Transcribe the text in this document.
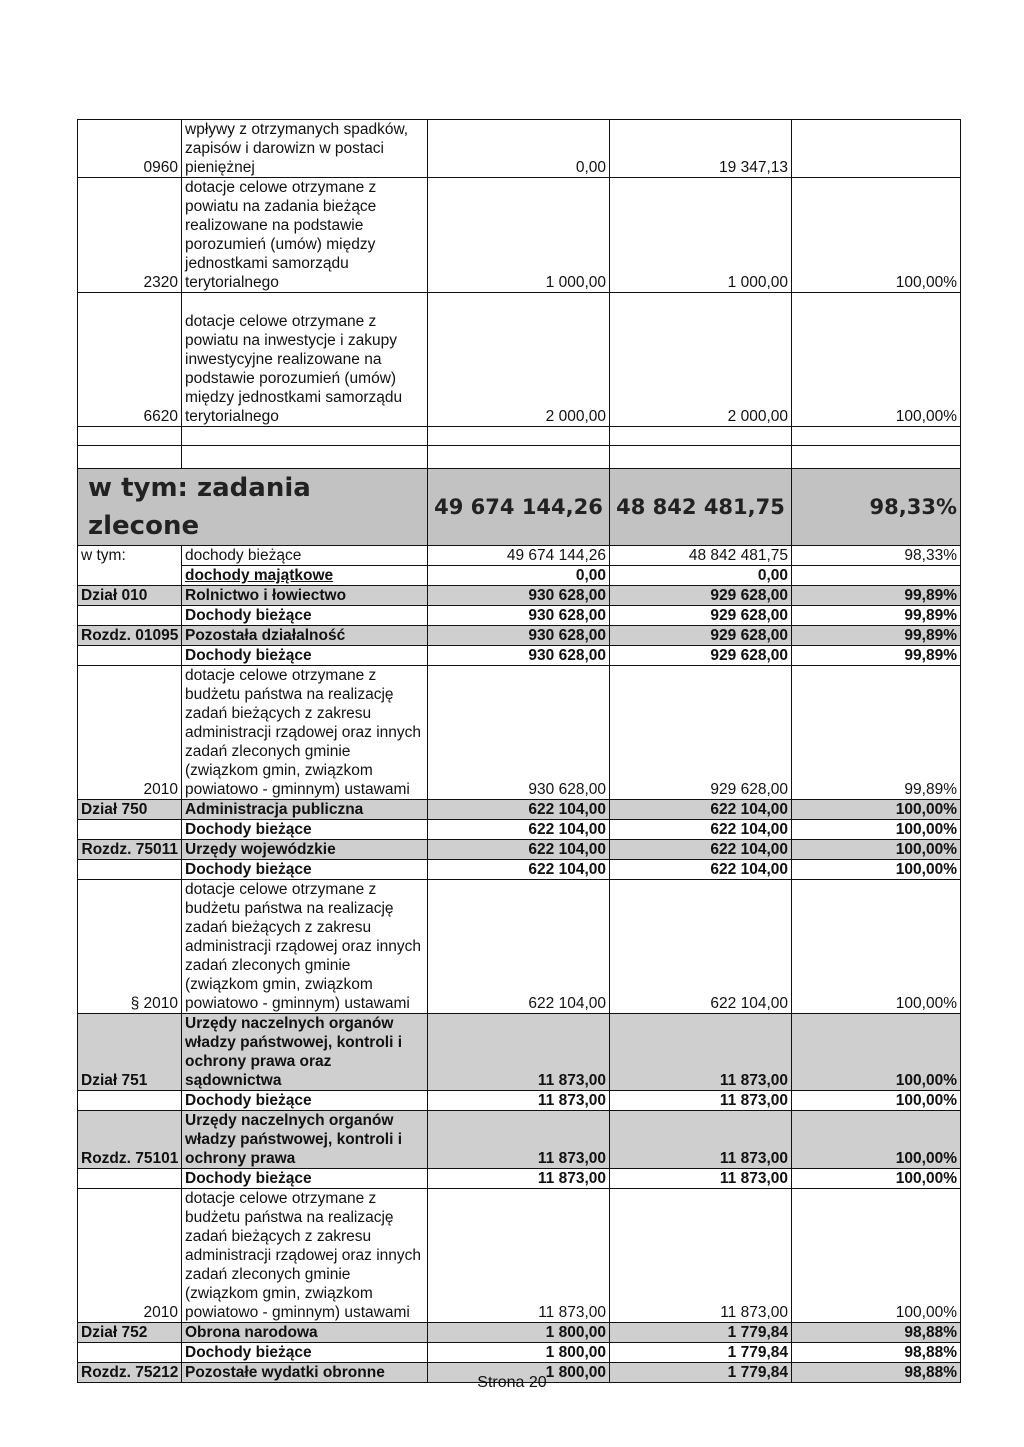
0960	wpływy z otrzymanych spadków, zapisów i darowizn w postaci pieniężnej	0,00	19 347,13	
2320	dotacje celowe otrzymane z powiatu na zadania bieżące realizowane na podstawie porozumień (umów) między jednostkami samorządu terytorialnego	1 000,00	1 000,00	100,00%
6620	dotacje celowe otrzymane z powiatu na inwestycje i zakupy inwestycyjne realizowane na podstawie porozumień (umów) między jednostkami samorządu terytorialnego	2 000,00	2 000,00	100,00%

w tym: zadania zlecone		49 674 144,26	48 842 481,75	98,33%
w tym:	dochody bieżące	49 674 144,26	48 842 481,75	98,33%
	dochody majątkowe	0,00	0,00	
Dział 010	Rolnictwo i łowiectwo	930 628,00	929 628,00	99,89%
	Dochody bieżące	930 628,00	929 628,00	99,89%
Rozdz. 01095	Pozostała działalność	930 628,00	929 628,00	99,89%
	Dochody bieżące	930 628,00	929 628,00	99,89%
2010	dotacje celowe otrzymane z budżetu państwa na realizację zadań bieżących z zakresu administracji rządowej oraz innych zadań zleconych gminie (związkom gmin, związkom powiatowo - gminnym) ustawami	930 628,00	929 628,00	99,89%
Dział 750	Administracja publiczna	622 104,00	622 104,00	100,00%
	Dochody bieżące	622 104,00	622 104,00	100,00%
Rozdz. 75011	Urzędy wojewódzkie	622 104,00	622 104,00	100,00%
	Dochody bieżące	622 104,00	622 104,00	100,00%
§ 2010	dotacje celowe otrzymane z budżetu państwa na realizację zadań bieżących z zakresu administracji rządowej oraz innych zadań zleconych gminie (związkom gmin, związkom powiatowo - gminnym) ustawami	622 104,00	622 104,00	100,00%
Dział 751	Urzędy naczelnych organów władzy państwowej, kontroli i ochrony prawa oraz sądownictwa	11 873,00	11 873,00	100,00%
	Dochody bieżące	11 873,00	11 873,00	100,00%
Rozdz. 75101	Urzędy naczelnych organów władzy państwowej, kontroli i ochrony prawa	11 873,00	11 873,00	100,00%
	Dochody bieżące	11 873,00	11 873,00	100,00%
2010	dotacje celowe otrzymane z budżetu państwa na realizację zadań bieżących z zakresu administracji rządowej oraz innych zadań zleconych gminie (związkom gmin, związkom powiatowo - gminnym) ustawami	11 873,00	11 873,00	100,00%
Dział 752	Obrona narodowa	1 800,00	1 779,84	98,88%
	Dochody bieżące	1 800,00	1 779,84	98,88%
Rozdz. 75212	Pozostałe wydatki obronne	1 800,00	1 779,84	98,88%
Strona 20
